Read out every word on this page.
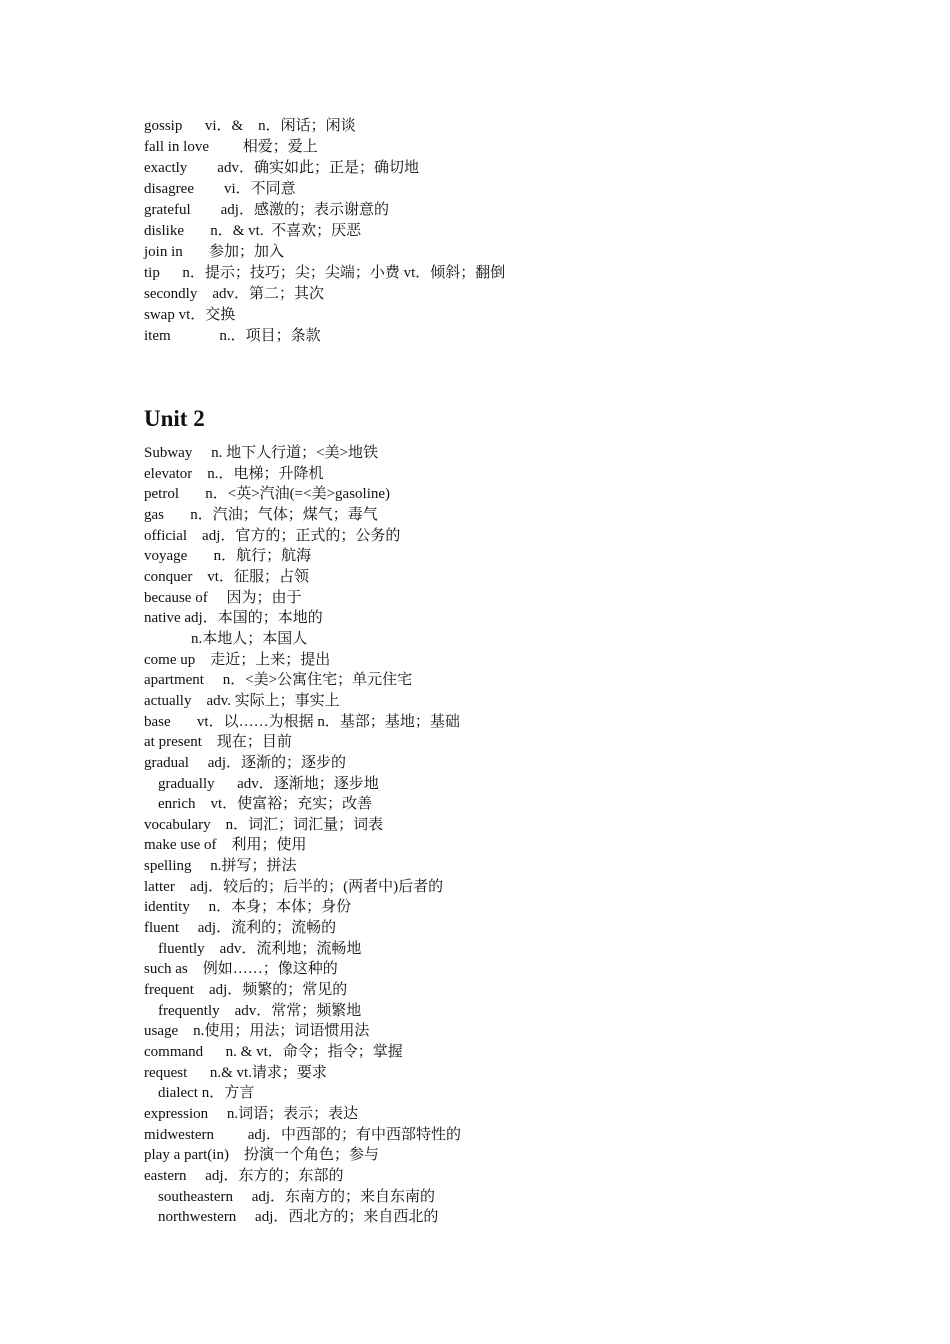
gossip      vi．&    n．闲话；闲谈
fall in love         相爱；爱上
exactly        adv．确实如此；正是；确切地
disagree        vi．不同意
grateful        adj．感激的；表示谢意的
dislike       n．& vt.  不喜欢；厌恶
join in       参加；加入
tip      n．提示；技巧；尖；尖端；小费 vt．倾斜；翻倒
secondly    adv．第二；其次
swap vt．交换
item             n.．项目；条款
Unit 2
Subway     n. 地下人行道；<美>地铁
elevator    n.．电梯；升降机
petrol       n．<英>汽油(=<美>gasoline)
gas       n．汽油；气体；煤气；毒气
official    adj．官方的；正式的；公务的
voyage       n．航行；航海
conquer    vt．征服；占领
because of     因为；由于
native adj．本国的；本地的
n.本地人；本国人
come up    走近；上来；提出
apartment     n．<美>公寓住宅；单元住宅
actually    adv. 实际上；事实上
base       vt．以……为根据 n．基部；基地；基础
at present    现在；目前
gradual     adj．逐渐的；逐步的
gradually      adv．逐渐地；逐步地
enrich    vt．使富裕；充实；改善
vocabulary    n．词汇；词汇量；词表
make use of    利用；使用
spelling     n.拼写；拼法
latter    adj．较后的；后半的；(两者中)后者的
identity     n．本身；本体；身份
fluent     adj．流利的；流畅的
fluently    adv．流利地；流畅地
such as    例如……；像这种的
frequent    adj．频繁的；常见的
frequently    adv．常常；频繁地
usage    n.使用；用法；词语惯用法
command      n. & vt．命令；指令；掌握
request      n.& vt.请求；要求
dialect n．方言
expression     n.词语；表示；表达
midwestern         adj．中西部的；有中西部特性的
play a part(in)    扮演一个角色；参与
eastern     adj．东方的；东部的
southeastern     adj．东南方的；来自东南的
northwestern     adj．西北方的；来自西北的
